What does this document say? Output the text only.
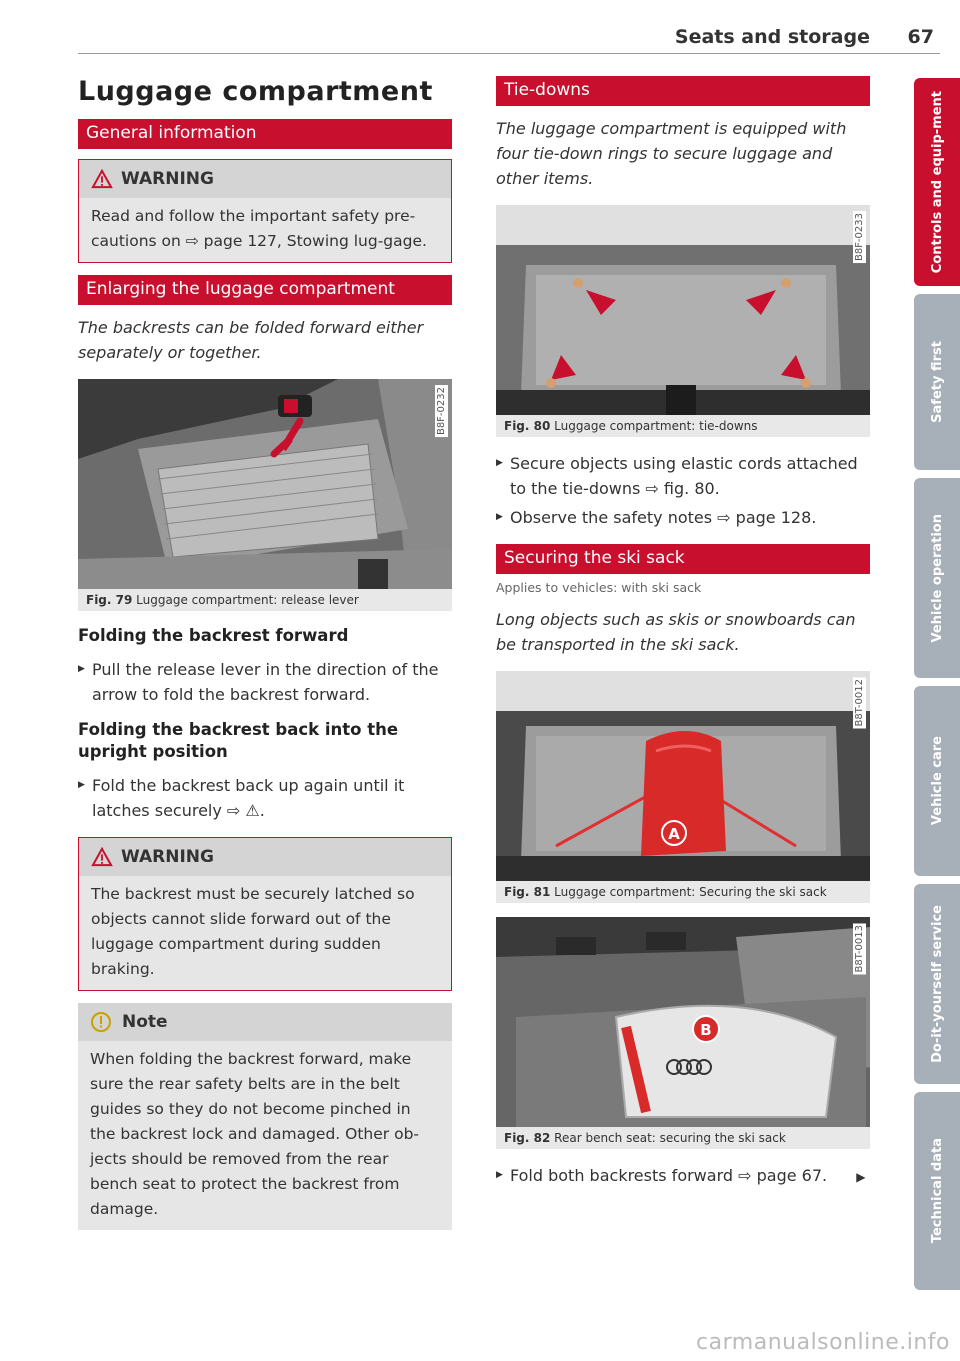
Seats and storage 67
Luggage compartment
General information
WARNING
Read and follow the important safety pre-cautions on ⇨ page 127, Stowing lug-gage.
Enlarging the luggage compartment

The backrests can be folded forward either separately or together.

B8F-0232
Fig. 79 Luggage compartment: release lever
Folding the backrest forward

▶ Pull the release lever in the direction of the arrow to fold the backrest forward.

Folding the backrest back into the upright position

▶ Fold the backrest back up again until it latches securely ⇨ ⚠.

WARNING
The backrest must be securely latched so objects cannot slide forward out of the luggage compartment during sudden braking.
Note
When folding the backrest forward, make sure the rear safety belts are in the belt guides so they do not become pinched in the backrest lock and damaged. Other ob-jects should be removed from the rear bench seat to protect the backrest from damage.
Tie-downs

The luggage compartment is equipped with four tie-down rings to secure luggage and other items.

B8F-0233
Fig. 80 Luggage compartment: tie-downs

▶ Secure objects using elastic cords attached to the tie-downs ⇨ fig. 80.

▶ Observe the safety notes ⇨ page 128.

Securing the ski sack

Applies to vehicles: with ski sack

Long objects such as skis or snowboards can be transported in the ski sack.

A
B8T-0012
Fig. 81 Luggage compartment: Securing the ski sack
B
B8T-0013
Fig. 82 Rear bench seat: securing the ski sack

▶ Fold both backrests forward ⇨ page 67. ▶

Controls and equip-ment
Safety first
Vehicle operation
Vehicle care
Do-it-yourself service
Technical data
carmanualsonline.info
